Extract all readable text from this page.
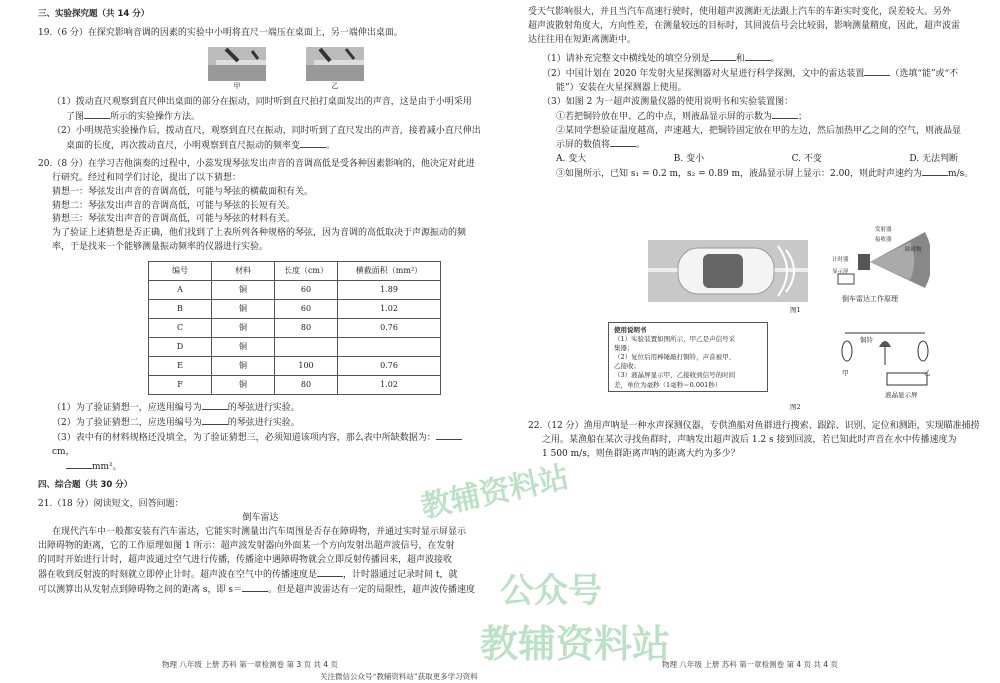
三、实验探究题（共 14 分）

19.（6 分）在探究影响音调的因素的实验中小明将直尺一端压在桌面上，另一端伸出桌面。

甲	乙

（1）拨动直尺观察到直尺伸出桌面的部分在振动，同时听到直尺拍打桌面发出的声音，这是由于小明采用

了图	所示的实验操作方法。

（2）小明规范实验操作后，拨动直尺，观察到直尺在振动，同时听到了直尺发出的声音，接着减小直尺伸出

桌面的长度，再次拨动直尺，小明观察到直尺振动的频率变	。

20.（8 分）在学习吉他演奏的过程中，小蕊发现琴弦发出声音的音调高低是受各种因素影响的，他决定对此进

行研究。经过和同学们讨论，提出了以下猜想：

猜想一：琴弦发出声音的音调高低，可能与琴弦的横截面积有关。

猜想二：琴弦发出声音的音调高低，可能与琴弦的长短有关。

猜想三：琴弦发出声音的音调高低，可能与琴弦的材料有关。

为了验证上述猜想是否正确，他们找到了上表所列各种规格的琴弦，因为音调的高低取决于声源振动的频

率，于是找来一个能够测量振动频率的仪器进行实验。

编号	材料	长度（cm）	横截面积（mm²）
A	铜	60	1.89
B	铜	60	1.02
C	铜	80	0.76
D	铜		
E	铜	100	0.76
F	铜	80	1.02

（1）为了验证猜想一，应选用编号为	的琴弦进行实验。

（2）为了验证猜想二，应选用编号为	的琴弦进行实验。

（3）表中有的材料规格还没填全，为了验证猜想三，必须知道该项内容，那么表中所缺数据为：cm，

mm²。

四、综合题（共 30 分）

21.（18 分）阅读短文，回答问题：

倒车雷达

在现代汽车中一般都安装有汽车雷达，它能实时测量出汽车周围是否存在障碍物，并通过实时显示屏显示

出障碍物的距离，它的工作原理如图 1 所示：超声波发射器向外面某一个方向发射出超声波信号，在发射

的同时开始进行计时，超声波通过空气进行传播，传播途中遇障碍物就会立即反射传播回来，超声波接收

器在收到反射波的时刻就立即停止计时。超声波在空气中的传播速度是	，计时器通过记录时间 t，就

可以测算出从发射点到障碍物之间的距离 s，即 s＝	。但是超声波雷达有一定的局限性，超声波传播速度

物理 八年级 上册 苏科 第一章检测卷 第 3 页 共 4 页

受天气影响很大，并且当汽车高速行驶时，使用超声波测距无法跟上汽车的车距实时变化，误差较大。另外

超声波散射角度大，方向性差，在测量较远的目标时，其回波信号会比较弱，影响测量精度，因此，超声波雷

达往往用在短距离测距中。

（1）请补充完整文中横线处的填空分别是	和	。

（2）中国计划在 2020 年发射火星探测器对火星进行科学探测，文中的雷达装置	（选填“能”或“不

能”）安装在火星探测器上使用。

（3）如图 2 为一超声波测量仪器的使用说明书和实验装置图：

①若把铜铃放在甲、乙的中点，则液晶显示屏的示数为	；

②某同学想验证温度越高，声速越大，把铜铃固定放在甲的左边，然后加热甲乙之间的空气，则液晶显

示屏的数值将	。

A. 变大	B. 变小	C. 不变	D. 无法判断

③如图所示，已知 s₁ = 0.2 m，s₂ = 0.89 m，液晶显示屏上显示：2.00，则此时声速约为	m/s。

图1
发射器
接收器
障碍物
计时器
显示屏
倒车雷达工作原理
使用说明书
（1）实验装置如图所示，甲乙是声信号采
集器；
（2）复位后用棒锤敲打铜铃，声音被甲、
乙接收；
（3）液晶屏显示甲、乙接收到信号的时间
差，单位为毫秒（1毫秒＝0.001秒）
铜铃
甲	乙
液晶显示屏
图2

22.（12 分）渔用声呐是一种水声探测仪器，专供渔船对鱼群进行搜索、跟踪、识别、定位和测距，实现瞄准捕捞

之用。某渔船在某次寻找鱼群时，声呐发出超声波后 1.2 s 接到回波，若已知此时声音在水中传播速度为

1 500 m/s，则鱼群距离声呐的距离大约为多少？

物理 八年级 上册 苏科 第一章检测卷 第 4 页 共 4 页
教辅资料站
公众号
教辅资料站
关注微信公众号“教辅资料站”获取更多学习资料
